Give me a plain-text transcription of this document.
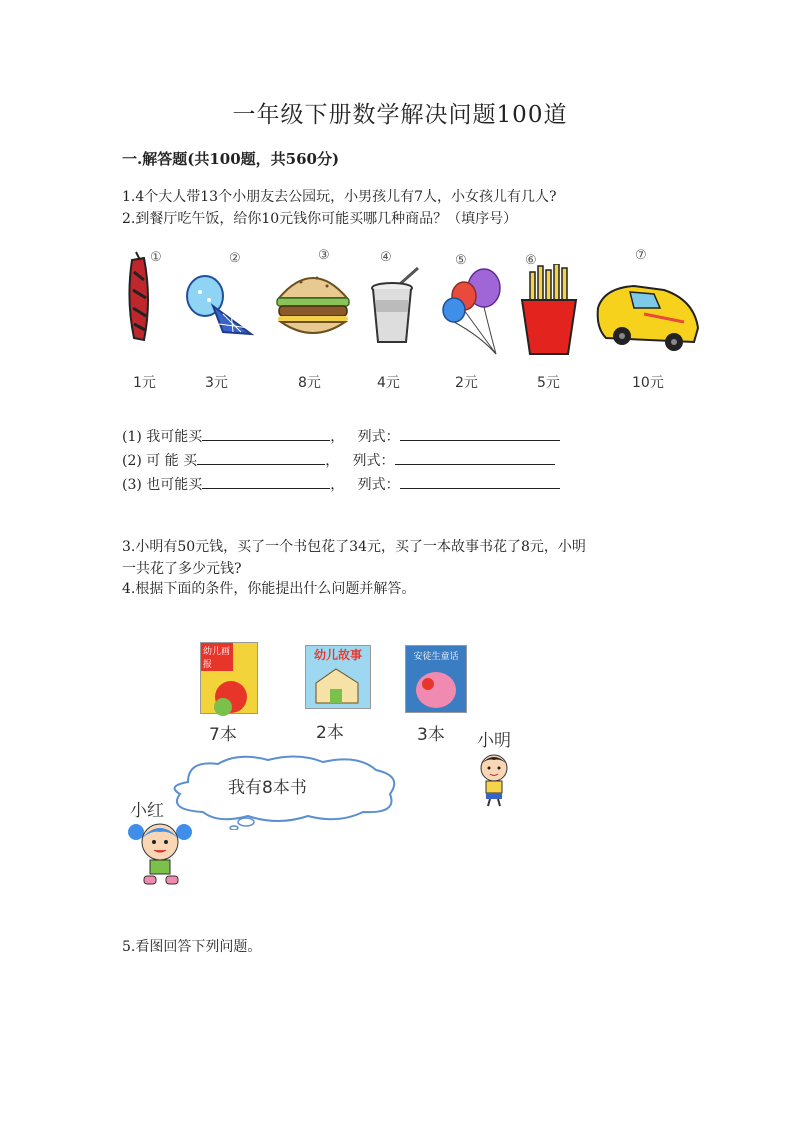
一年级下册数学解决问题100道
一.解答题(共100题，共560分)
1.4个大人带13个小朋友去公园玩，小男孩儿有7人，小女孩儿有几人?
2.到餐厅吃午饭，给你10元钱你可能买哪几种商品？（填序号）
①	②	③	④	⑤	⑥	⑦
1元	3元	8元	4元	2元	5元	10元
(1) 我可能买	，   列式：
(2) 可 能 买	，   列式：
(3) 也可能买	，   列式：
3.小明有50元钱，买了一个书包花了34元，买了一本故事书花了8元，小明
一共花了多少元钱?
4.根据下面的条件，你能提出什么问题并解答。
幼儿画报
幼儿故事	安徒生童话
7本	2本	3本 小明
我有8本书
小红
5.看图回答下列问题。
